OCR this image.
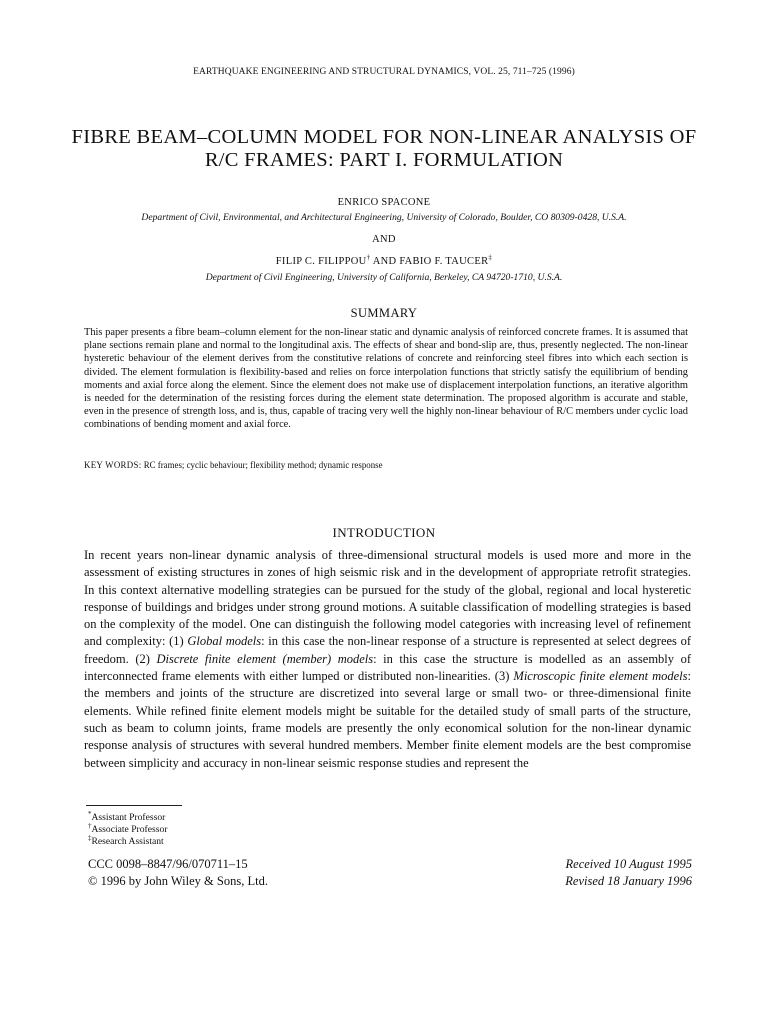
EARTHQUAKE ENGINEERING AND STRUCTURAL DYNAMICS, VOL. 25, 711–725 (1996)
FIBRE BEAM–COLUMN MODEL FOR NON-LINEAR ANALYSIS OF
R/C FRAMES: PART I. FORMULATION
ENRICO SPACONE
Department of Civil, Environmental, and Architectural Engineering, University of Colorado, Boulder, CO 80309-0428, U.S.A.
AND
FILIP C. FILIPPOU† AND FABIO F. TAUCER‡
Department of Civil Engineering, University of California, Berkeley, CA 94720-1710, U.S.A.
SUMMARY

This paper presents a fibre beam–column element for the non-linear static and dynamic analysis of reinforced concrete frames. It is assumed that plane sections remain plane and normal to the longitudinal axis. The effects of shear and bond-slip are, thus, presently neglected. The non-linear hysteretic behaviour of the element derives from the constitutive relations of concrete and reinforcing steel fibres into which each section is divided. The element formulation is flexibility-based and relies on force interpolation functions that strictly satisfy the equilibrium of bending moments and axial force along the element. Since the element does not make use of displacement interpolation functions, an iterative algorithm is needed for the determination of the resisting forces during the element state determination. The proposed algorithm is accurate and stable, even in the presence of strength loss, and is, thus, capable of tracing very well the highly non-linear behaviour of R/C members under cyclic load combinations of bending moment and axial force.

KEY WORDS: RC frames; cyclic behaviour; flexibility method; dynamic response
INTRODUCTION

In recent years non-linear dynamic analysis of three-dimensional structural models is used more and more in the assessment of existing structures in zones of high seismic risk and in the development of appropriate retrofit strategies. In this context alternative modelling strategies can be pursued for the study of the global, regional and local hysteretic response of buildings and bridges under strong ground motions. A suitable classification of modelling strategies is based on the complexity of the model. One can distinguish the following model categories with increasing level of refinement and complexity: (1) Global models: in this case the non-linear response of a structure is represented at select degrees of freedom. (2) Discrete finite element (member) models: in this case the structure is modelled as an assembly of interconnected frame elements with either lumped or distributed non-linearities. (3) Microscopic finite element models: the members and joints of the structure are discretized into several large or small two- or three-dimensional finite elements. While refined finite element models might be suitable for the detailed study of small parts of the structure, such as beam to column joints, frame models are presently the only economical solution for the non-linear dynamic response analysis of structures with several hundred members. Member finite element models are the best compromise between simplicity and accuracy in non-linear seismic response studies and represent the

*Assistant Professor
†Associate Professor
‡Research Assistant
CCC 0098–8847/96/070711–15
© 1996 by John Wiley & Sons, Ltd.
Received 10 August 1995
Revised 18 January 1996
